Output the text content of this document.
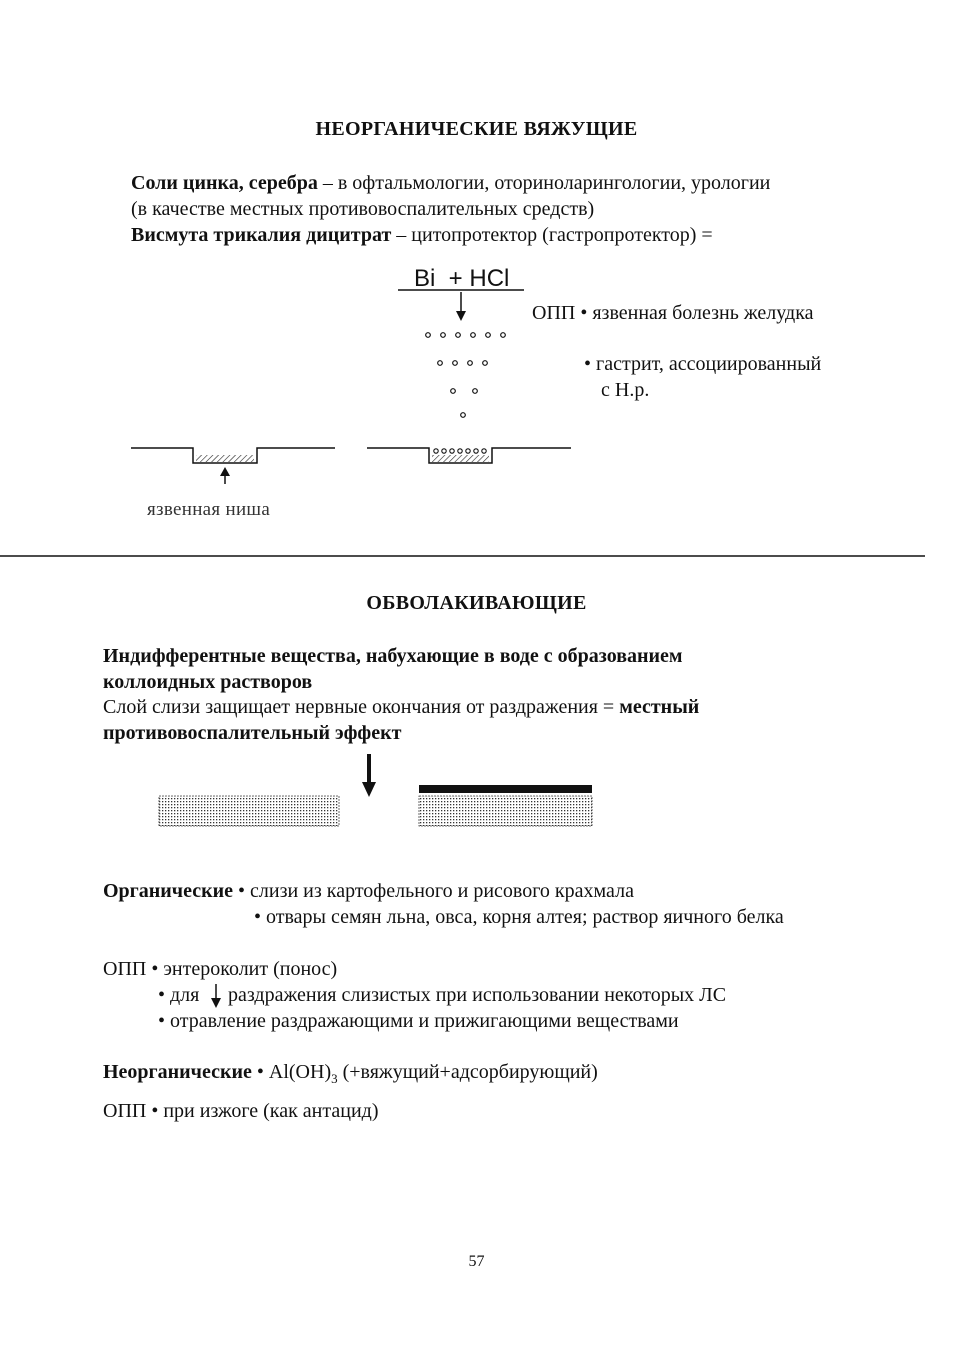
НЕОРГАНИЧЕСКИЕ ВЯЖУЩИЕ
Соли цинка, серебра – в офтальмологии, оториноларингологии, урологии
(в качестве местных противовоспалительных средств)
Висмута трикалия дицитрат – цитопротектор (гастропротектор) =
Bi  + HCl
ОПП • язвенная болезнь желудка
• гастрит, ассоциированный
с Н.р.
язвенная ниша
ОБВОЛАКИВАЮЩИЕ
Индифферентные вещества, набухающие в воде с образованием
коллоидных растворов
Слой слизи защищает нервные окончания от раздражения = местный
противовоспалительный эффект
Органические • слизи из картофельного и рисового крахмала
• отвары семян льна, овса, корня алтея; раствор яичного белка
ОПП • энтероколит (понос)
• для раздражения слизистых при использовании некоторых ЛС
• отравление раздражающими и прижигающими веществами
Неорганические • $Al(OH)_3$ (+вяжущий+адсорбирующий)
ОПП • при изжоге (как антацид)
57
